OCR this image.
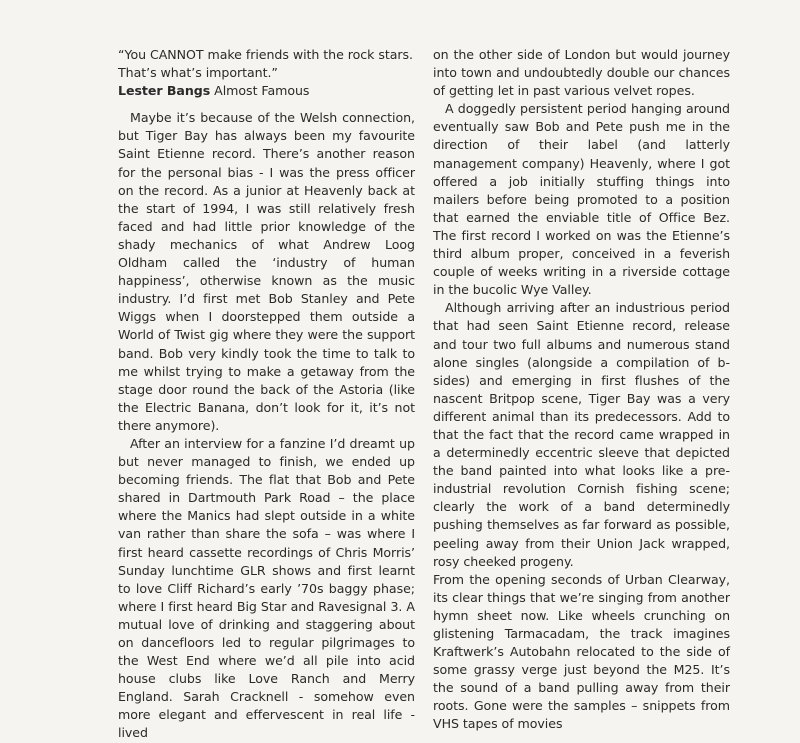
“You CANNOT make friends with the rock stars. That’s what’s important.”

Lester Bangs Almost Famous

Maybe it’s because of the Welsh connection, but Tiger Bay has always been my favourite Saint Etienne record. There’s another reason for the personal bias - I was the press officer on the record. As a junior at Heavenly back at the start of 1994, I was still relatively fresh faced and had little prior knowledge of the shady mechanics of what Andrew Loog Oldham called the ‘industry of human happiness’, otherwise known as the music industry. I’d first met Bob Stanley and Pete Wiggs when I doorstepped them outside a World of Twist gig where they were the support band. Bob very kindly took the time to talk to me whilst trying to make a getaway from the stage door round the back of the Astoria (like the Electric Banana, don’t look for it, it’s not there anymore).

After an interview for a fanzine I’d dreamt up but never managed to finish, we ended up becoming friends. The flat that Bob and Pete shared in Dartmouth Park Road – the place where the Manics had slept outside in a white van rather than share the sofa – was where I first heard cassette recordings of Chris Morris’ Sunday lunchtime GLR shows and first learnt to love Cliff Richard’s early ’70s baggy phase; where I first heard Big Star and Ravesignal 3. A mutual love of drinking and staggering about on dancefloors led to regular pilgrimages to the West End where we’d all pile into acid house clubs like Love Ranch and Merry England. Sarah Cracknell - somehow even more elegant and effervescent in real life - lived

on the other side of London but would journey into town and undoubtedly double our chances of getting let in past various velvet ropes.

A doggedly persistent period hanging around eventually saw Bob and Pete push me in the direction of their label (and latterly management company) Heavenly, where I got offered a job initially stuffing things into mailers before being promoted to a position that earned the enviable title of Office Bez. The first record I worked on was the Etienne’s third album proper, conceived in a feverish couple of weeks writing in a riverside cottage in the bucolic Wye Valley.

Although arriving after an industrious period that had seen Saint Etienne record, release and tour two full albums and numerous stand alone singles (alongside a compilation of b-sides) and emerging in first flushes of the nascent Britpop scene, Tiger Bay was a very different animal than its predecessors. Add to that the fact that the record came wrapped in a determinedly eccentric sleeve that depicted the band painted into what looks like a pre-industrial revolution Cornish fishing scene; clearly the work of a band determinedly pushing themselves as far forward as possible, peeling away from their Union Jack wrapped, rosy cheeked progeny.

From the opening seconds of Urban Clearway, its clear things that we’re singing from another hymn sheet now. Like wheels crunching on glistening Tarmacadam, the track imagines Kraftwerk’s Autobahn relocated to the side of some grassy verge just beyond the M25. It’s the sound of a band pulling away from their roots. Gone were the samples – snippets from VHS tapes of movies
